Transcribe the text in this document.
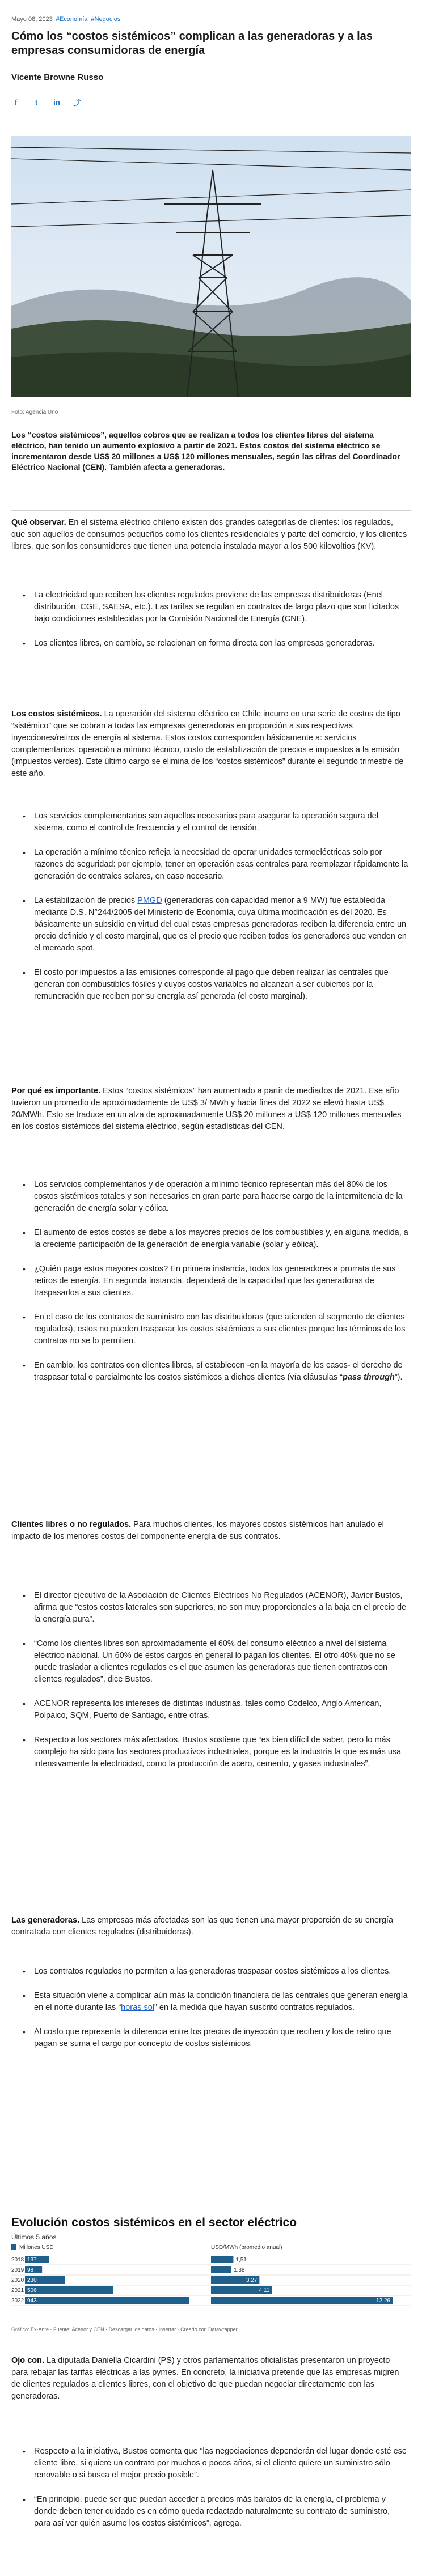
Mayo 08, 2023 #Economía #Negocios
Cómo los “costos sistémicos” complican a las generadoras y a las empresas consumidoras de energía
Vicente Browne Russo
f	t	in ⤴
Foto: Agencia Uno
Los “costos sistémicos”, aquellos cobros que se realizan a todos los clientes libres del sistema eléctrico, han tenido un aumento explosivo a partir de 2021. Estos costos del sistema eléctrico se incrementaron desde US$ 20 millones a US$ 120 millones mensuales, según las cifras del Coordinador Eléctrico Nacional (CEN). También afecta a generadoras.
Qué observar. En el sistema eléctrico chileno existen dos grandes categorías de clientes: los regulados, que son aquellos de consumos pequeños como los clientes residenciales y parte del comercio, y los clientes libres, que son los consumidores que tienen una potencia instalada mayor a los 500 kilovoltios (KV).
• La electricidad que reciben los clientes regulados proviene de las empresas distribuidoras (Enel distribución, CGE, SAESA, etc.). Las tarifas se regulan en contratos de largo plazo que son licitados bajo condiciones establecidas por la Comisión Nacional de Energía (CNE).
• Los clientes libres, en cambio, se relacionan en forma directa con las empresas generadoras.
Los costos sistémicos. La operación del sistema eléctrico en Chile incurre en una serie de costos de tipo “sistémico” que se cobran a todas las empresas generadoras en proporción a sus respectivas inyecciones/retiros de energía al sistema. Estos costos corresponden básicamente a: servicios complementarios, operación a mínimo técnico, costo de estabilización de precios e impuestos a la emisión (impuestos verdes). Este último cargo se elimina de los “costos sistémicos” durante el segundo trimestre de este año.
• Los servicios complementarios son aquellos necesarios para asegurar la operación segura del sistema, como el control de frecuencia y el control de tensión.
• La operación a mínimo técnico refleja la necesidad de operar unidades termoeléctricas solo por razones de seguridad: por ejemplo, tener en operación esas centrales para reemplazar rápidamente la generación de centrales solares, en caso necesario.
• La estabilización de precios PMGD (generadoras con capacidad menor a 9 MW) fue establecida mediante D.S. N°244/2005 del Ministerio de Economía, cuya última modificación es del 2020. Es básicamente un subsidio en virtud del cual estas empresas generadoras reciben la diferencia entre un precio definido y el costo marginal, que es el precio que reciben todos los generadores que venden en el mercado spot.
• El costo por impuestos a las emisiones corresponde al pago que deben realizar las centrales que generan con combustibles fósiles y cuyos costos variables no alcanzan a ser cubiertos por la remuneración que reciben por su energía así generada (el costo marginal).
Por qué es importante. Estos “costos sistémicos” han aumentado a partir de mediados de 2021. Ese año tuvieron un promedio de aproximadamente de US$ 3/ MWh y hacia fines del 2022 se elevó hasta US$ 20/MWh. Esto se traduce en un alza de aproximadamente US$ 20 millones a US$ 120 millones mensuales en los costos sistémicos del sistema eléctrico, según estadísticas del CEN.
• Los servicios complementarios y de operación a mínimo técnico representan más del 80% de los costos sistémicos totales y son necesarios en gran parte para hacerse cargo de la intermitencia de la generación de energía solar y eólica.
• El aumento de estos costos se debe a los mayores precios de los combustibles y, en alguna medida, a la creciente participación de la generación de energía variable (solar y eólica).
• ¿Quién paga estos mayores costos? En primera instancia, todos los generadores a prorrata de sus retiros de energía. En segunda instancia, dependerá de la capacidad que las generadoras de traspasarlos a sus clientes.
• En el caso de los contratos de suministro con las distribuidoras (que atienden al segmento de clientes regulados), estos no pueden traspasar los costos sistémicos a sus clientes porque los términos de los contratos no se lo permiten.
• En cambio, los contratos con clientes libres, sí establecen -en la mayoría de los casos- el derecho de traspasar total o parcialmente los costos sistémicos a dichos clientes (vía cláusulas “pass through”).
Clientes libres o no regulados. Para muchos clientes, los mayores costos sistémicos han anulado el impacto de los menores costos del componente energía de sus contratos.
• El director ejecutivo de la Asociación de Clientes Eléctricos No Regulados (ACENOR), Javier Bustos, afirma que “estos costos laterales son superiores, no son muy proporcionales a la baja en el precio de la energía pura”.
• “Como los clientes libres son aproximadamente el 60% del consumo eléctrico a nivel del sistema eléctrico nacional. Un 60% de estos cargos en general lo pagan los clientes. El otro 40% que no se puede trasladar a clientes regulados es el que asumen las generadoras que tienen contratos con clientes regulados”, dice Bustos.
• ACENOR representa los intereses de distintas industrias, tales como Codelco, Anglo American, Polpaico, SQM, Puerto de Santiago, entre otras.
• Respecto a los sectores más afectados, Bustos sostiene que “es bien difícil de saber, pero lo más complejo ha sido para los sectores productivos industriales, porque es la industria la que es más usa intensivamente la electricidad, como la producción de acero, cemento, y gases industriales”.
Las generadoras. Las empresas más afectadas son las que tienen una mayor proporción de su energía contratada con clientes regulados (distribuidoras).
• Los contratos regulados no permiten a las generadoras traspasar costos sistémicos a los clientes.
• Esta situación viene a complicar aún más la condición financiera de las centrales que generan energía en el norte durante las “horas sol” en la medida que hayan suscrito contratos regulados.
• Al costo que representa la diferencia entre los precios de inyección que reciben y los de retiro que pagan se suma el cargo por concepto de costos sistémicos.
Evolución costos sistémicos en el sector eléctrico
Últimos 5 años
Millones USD	USD/MWh (promedio anual)
2018 137	1,51
2019 98	1,38
2020 230	3,27
2021 506	4,11
2022 943	12,26
Gráfico: Ex-Ante · Fuente: Acenor y CEN · Descargar los datos · Insertar · Creado con Datawrapper
Ojo con. La diputada Daniella Cicardini (PS) y otros parlamentarios oficialistas presentaron un proyecto para rebajar las tarifas eléctricas a las pymes. En concreto, la iniciativa pretende que las empresas migren de clientes regulados a clientes libres, con el objetivo de que puedan negociar directamente con las generadoras.
• Respecto a la iniciativa, Bustos comenta que “las negociaciones dependerán del lugar donde esté ese cliente libre, si quiere un contrato por muchos o pocos años, si el cliente quiere un suministro sólo renovable o si busca el mejor precio posible”.
• “En principio, puede ser que puedan acceder a precios más baratos de la energía, el problema y donde deben tener cuidado es en cómo queda redactado naturalmente su contrato de suministro, para así ver quién asume los costos sistémicos”, agrega.
